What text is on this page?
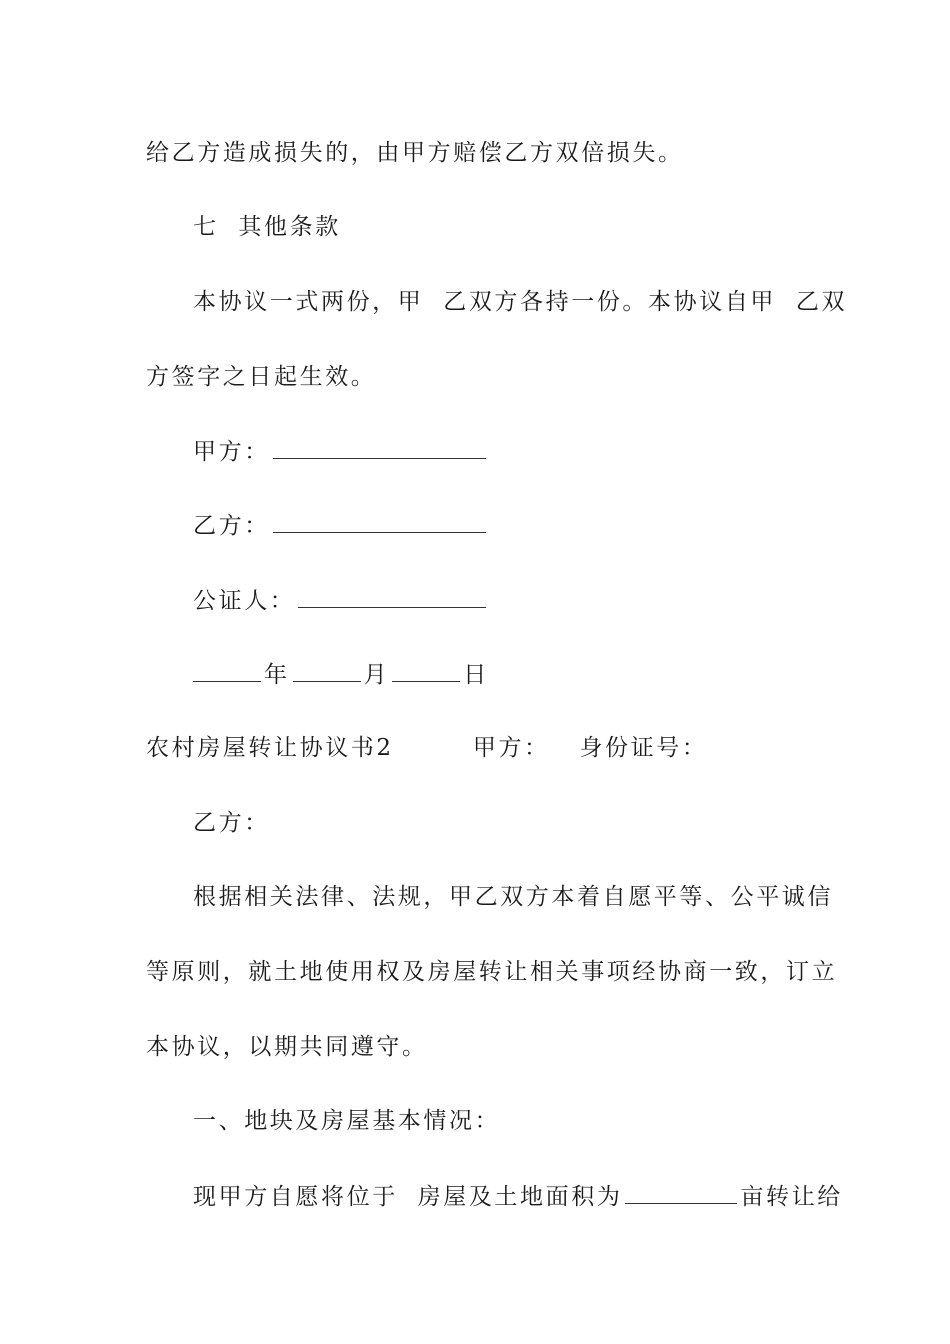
给乙方造成损失的，由甲方赔偿乙方双倍损失。
七  其他条款
本协议一式两份，甲  乙双方各持一份。本协议自甲  乙双
方签字之日起生效。
甲方：
乙方：
公证人：
年	月	日
农村房屋转让协议书2        甲方：   身份证号：
乙方：
根据相关法律、法规，甲乙双方本着自愿平等、公平诚信
等原则，就土地使用权及房屋转让相关事项经协商一致，订立
本协议，以期共同遵守。
一、地块及房屋基本情况：
现甲方自愿将位于  房屋及土地面积为	亩转让给
